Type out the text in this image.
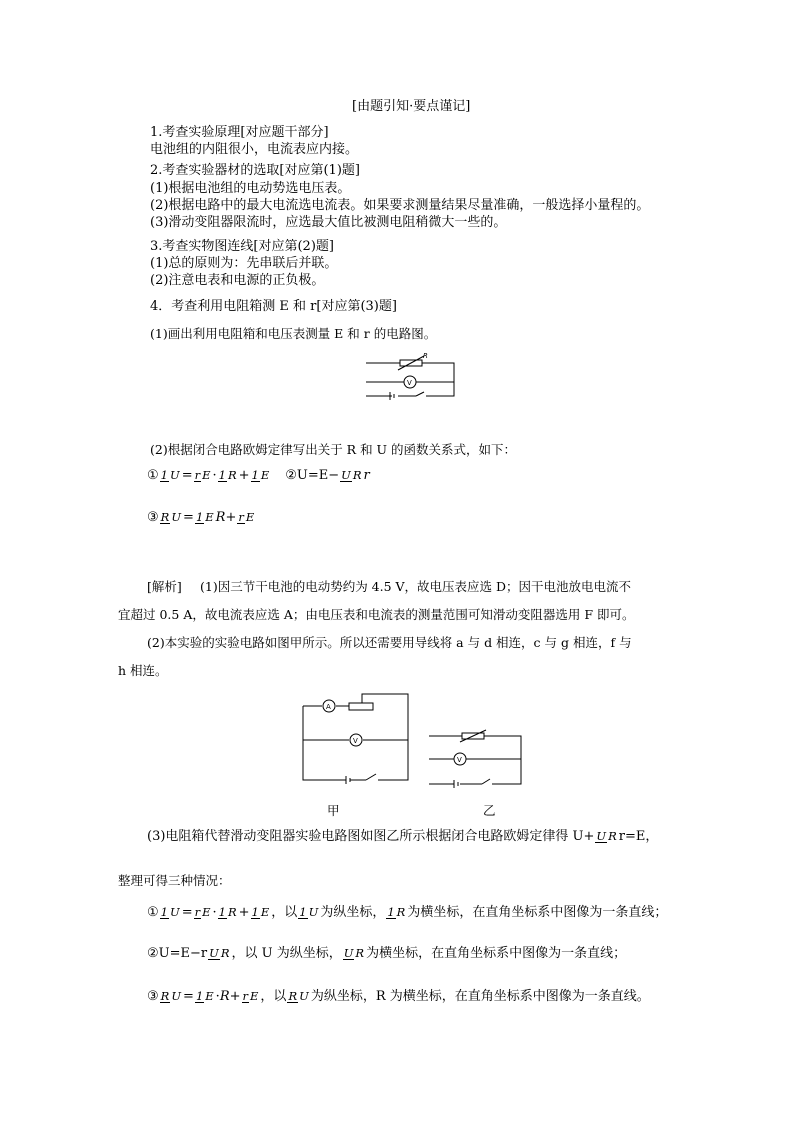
[由题引知·要点谨记]
1.考查实验原理[对应题干部分]
电池组的内阻很小，电流表应内接。
2.考查实验器材的选取[对应第(1)题]
(1)根据电池组的电动势选电压表。
(2)根据电路中的最大电流选电流表。如果要求测量结果尽量准确，一般选择小量程的。
(3)滑动变阻器限流时，应选最大值比被测电阻稍微大一些的。
3.考查实物图连线[对应第(2)题]
(1)总的原则为：先串联后并联。
(2)注意电表和电源的正负极。
4．考查利用电阻箱测 E 和 r[对应第(3)题]
(1)画出利用电阻箱和电压表测量 E 和 r 的电路图。
R
V
(2)根据闭合电路欧姆定律写出关于 R 和 U 的函数关系式，如下：
① 1 U = r E · 1 R + 1 E ②U=E− U R r
③ R U = 1 E R + r E
[解析] (1)因三节干电池的电动势约为 4.5 V，故电压表应选 D；因干电池放电电流不
宜超过 0.5 A，故电流表应选 A；由电压表和电流表的测量范围可知滑动变阻器选用 F 即可。
(2)本实验的实验电路如图甲所示。所以还需要用导线将 a 与 d 相连，c 与 g 相连，f 与
h 相连。
A
V
甲
V
乙
(3)电阻箱代替滑动变阻器实验电路图如图乙所示根据闭合电路欧姆定律得 U+ U R r=E，
整理可得三种情况：
① 1 U = r E · 1 R + 1 E ，以 1 U 为纵坐标， 1 R 为横坐标，在直角坐标系中图像为一条直线；
②U=E−r U R ，以 U 为纵坐标， U R 为横坐标，在直角坐标系中图像为一条直线；
③ R U = 1 E · R + r E ，以 R U 为纵坐标，R 为横坐标，在直角坐标系中图像为一条直线。
